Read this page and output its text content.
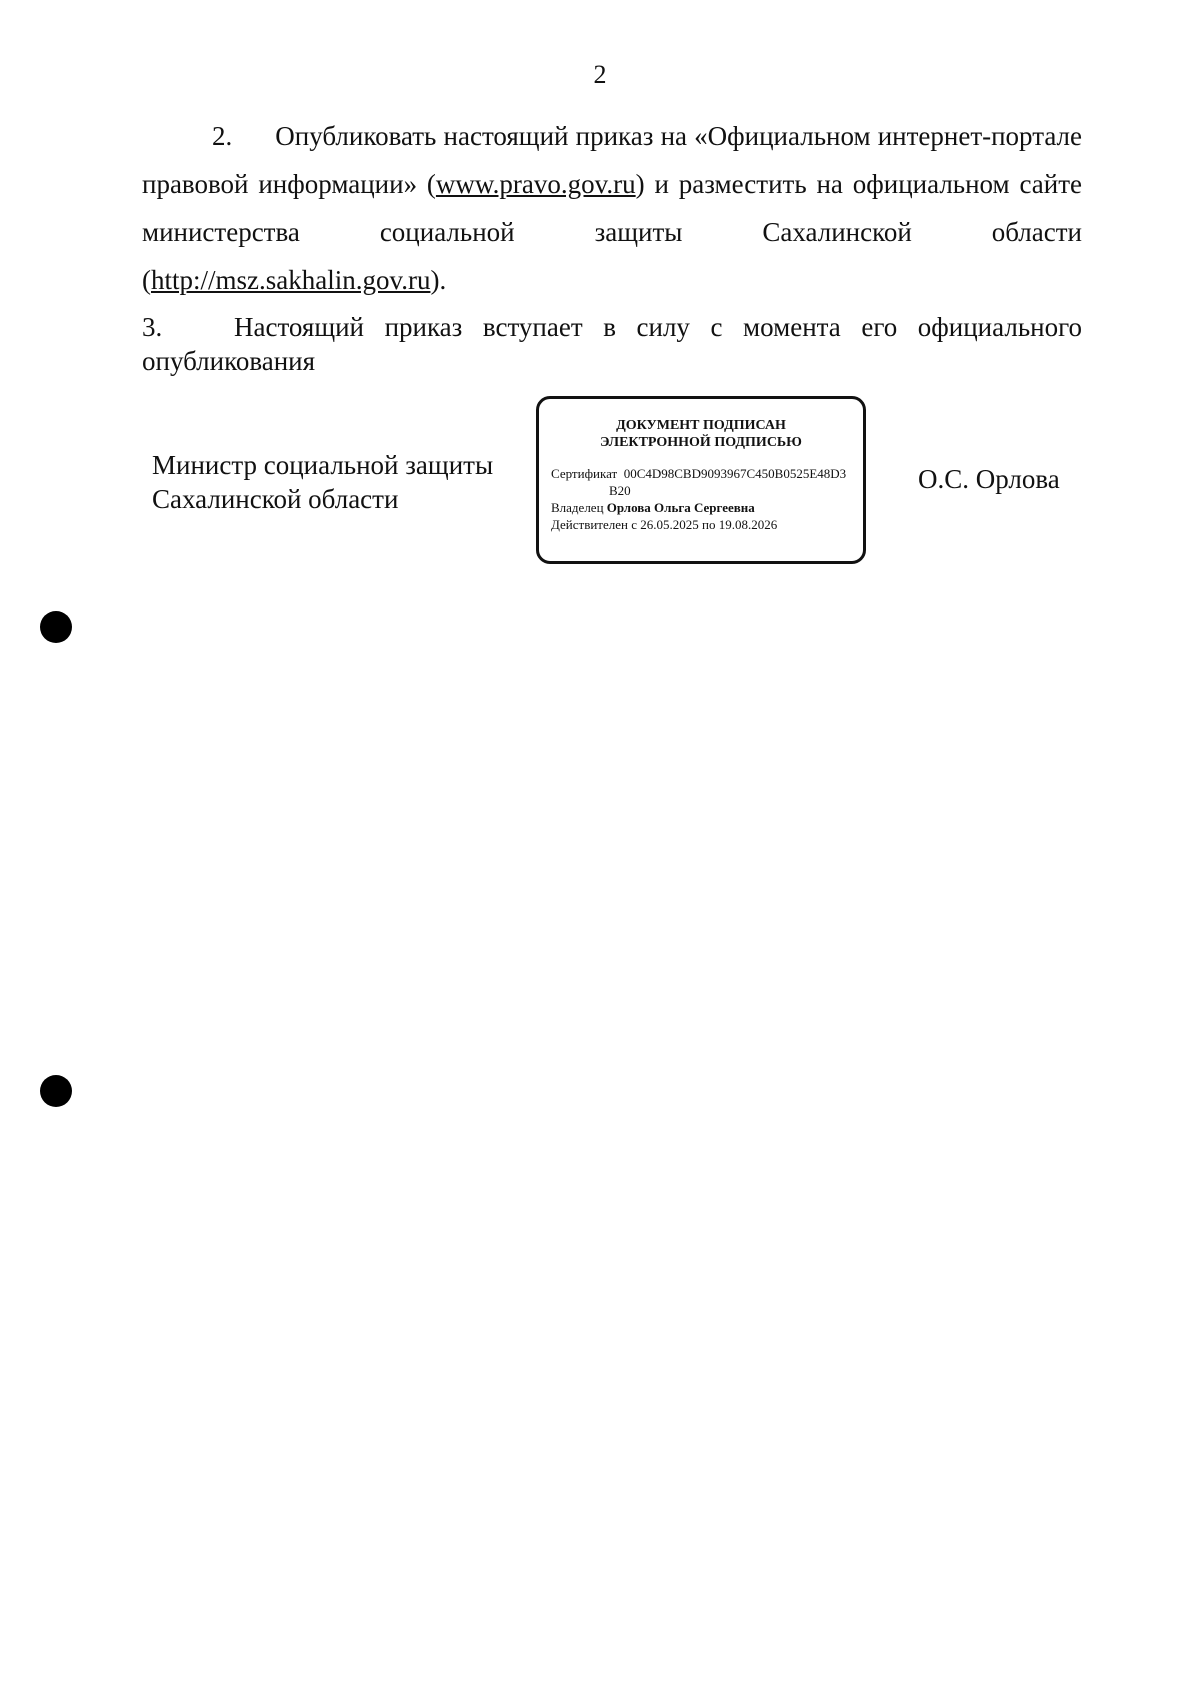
2
2. Опубликовать настоящий приказ на «Официальном интернет-портале правовой информации» (www.pravo.gov.ru) и разместить на официальном сайте министерства социальной защиты Сахалинской области (http://msz.sakhalin.gov.ru).
3.	Настоящий приказ вступает в силу с момента его официального опубликования
Министр социальной защиты
Сахалинской области
ДОКУМЕНТ ПОДПИСАН
ЭЛЕКТРОННОЙ ПОДПИСЬЮ
Сертификат 00C4D98CBD9093967C450B0525E48D3
B20
Владелец Орлова Ольга Сергеевна
Действителен с 26.05.2025 по 19.08.2026
О.С. Орлова
